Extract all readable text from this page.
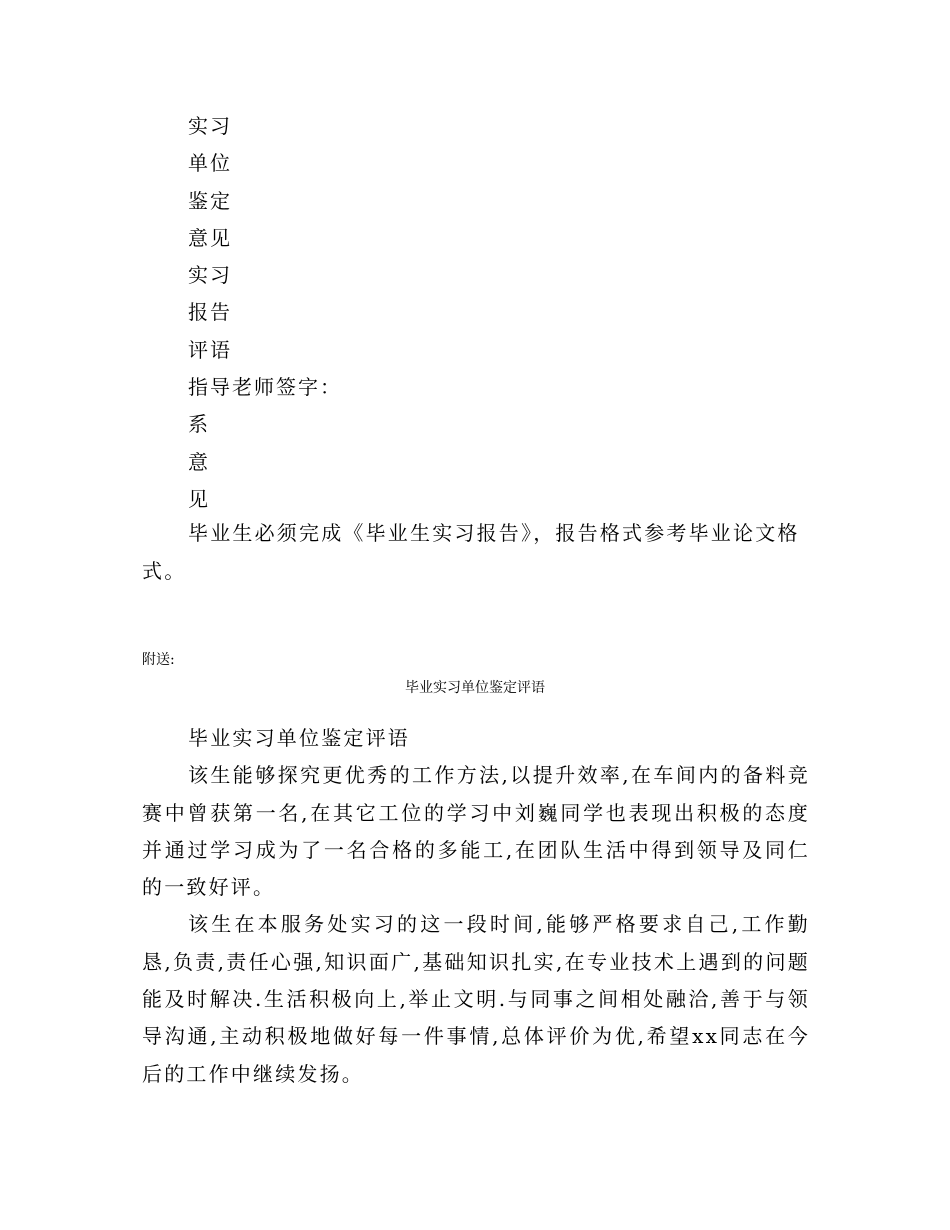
实习
单位
鉴定
意见
实习
报告
评语
指导老师签字：
系
意
见

毕业生必须完成《毕业生实习报告》，报告格式参考毕业论文格式。

附送:

毕业实习单位鉴定评语

毕业实习单位鉴定评语

该生能够探究更优秀的工作方法,以提升效率,在车间内的备料竞赛中曾获第一名,在其它工位的学习中刘巍同学也表现出积极的态度并通过学习成为了一名合格的多能工,在团队生活中得到领导及同仁的一致好评。

该生在本服务处实习的这一段时间,能够严格要求自己,工作勤恳,负责,责任心强,知识面广,基础知识扎实,在专业技术上遇到的问题能及时解决.生活积极向上,举止文明.与同事之间相处融洽,善于与领导沟通,主动积极地做好每一件事情,总体评价为优,希望xx同志在今后的工作中继续发扬。
